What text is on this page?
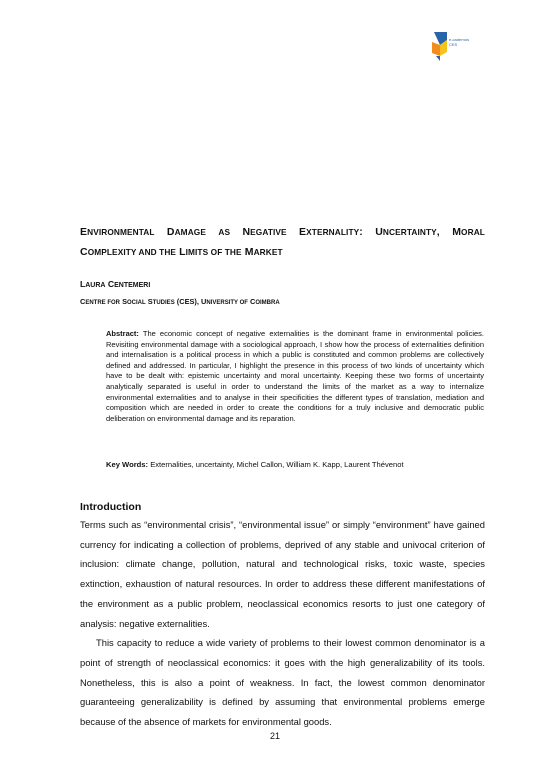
e-cadernos
CES
ENVIRONMENTAL DAMAGE AS NEGATIVE EXTERNALITY: UNCERTAINTY, MORAL COMPLEXITY AND THE LIMITS OF THE MARKET
LAURA CENTEMERI
CENTRE FOR SOCIAL STUDIES (CES), UNIVERSITY OF COIMBRA

Abstract: The economic concept of negative externalities is the dominant frame in environmental policies. Revisiting environmental damage with a sociological approach, I show how the process of externalities definition and internalisation is a political process in which a public is constituted and common problems are collectively defined and addressed. In particular, I highlight the presence in this process of two kinds of uncertainty which have to be dealt with: epistemic uncertainty and moral uncertainty. Keeping these two forms of uncertainty analytically separated is useful in order to understand the limits of the market as a way to internalize environmental externalities and to analyse in their specificities the different types of translation, mediation and composition which are needed in order to create the conditions for a truly inclusive and democratic public deliberation on environmental damage and its reparation.

Key Words: Externalities, uncertainty, Michel Callon, William K. Kapp, Laurent Thévenot

Introduction

Terms such as “environmental crisis”, “environmental issue” or simply “environment” have gained currency for indicating a collection of problems, deprived of any stable and univocal criterion of inclusion: climate change, pollution, natural and technological risks, toxic waste, species extinction, exhaustion of natural resources. In order to address these different manifestations of the environment as a public problem, neoclassical economics resorts to just one category of analysis: negative externalities.

This capacity to reduce a wide variety of problems to their lowest common denominator is a point of strength of neoclassical economics: it goes with the high generalizability of its tools. Nonetheless, this is also a point of weakness. In fact, the lowest common denominator guaranteeing generalizability is defined by assuming that environmental problems emerge because of the absence of markets for environmental goods.

21
